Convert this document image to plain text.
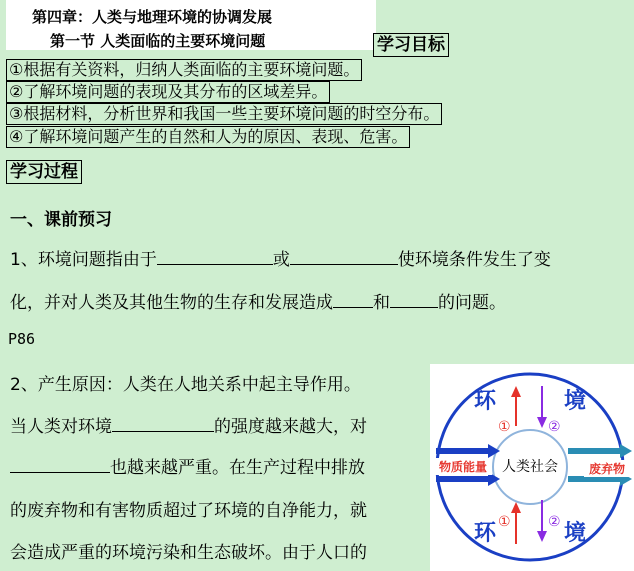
第四章：人类与地理环境的协调发展
第一节 人类面临的主要环境问题	学习目标
①根据有关资料，归纳人类面临的主要环境问题。
②了解环境问题的表现及其分布的区域差异。
③根据材料，分析世界和我国一些主要环境问题的时空分布。
④了解环境问题产生的自然和人为的原因、表现、危害。
学习过程
一、课前预习
1、环境问题指由于	或	使环境条件发生了变
化，并对人类及其他生物的生存和发展造成 和	的问题。
P86
2、产生原因：人类在人地关系中起主导作用。
当人类对环境	的强度越来越大，对
也越来越严重。在生产过程中排放
的废弃物和有害物质超过了环境的自净能力，就
会造成严重的环境污染和生态破坏。由于人口的
环	境
环	境
人类社会
物质能量	废弃物
①	②
①	②
